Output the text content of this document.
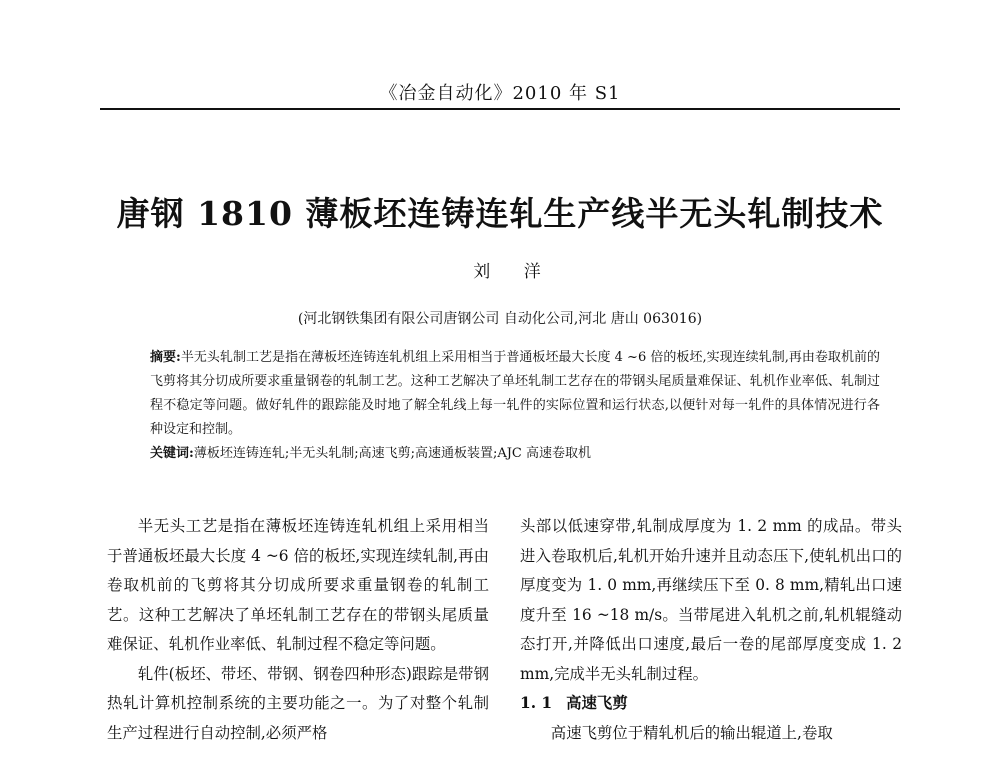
《冶金自动化》2010 年 S1
唐钢 1810 薄板坯连铸连轧生产线半无头轧制技术
刘 洋
(河北钢铁集团有限公司唐钢公司 自动化公司,河北 唐山 063016)
摘要:半无头轧制工艺是指在薄板坯连铸连轧机组上采用相当于普通板坯最大长度 4 ~6 倍的板坯,实现连续轧制,再由卷取机前的飞剪将其分切成所要求重量钢卷的轧制工艺。这种工艺解决了单坯轧制工艺存在的带钢头尾质量难保证、轧机作业率低、轧制过程不稳定等问题。做好轧件的跟踪能及时地了解全轧线上每一轧件的实际位置和运行状态,以便针对每一轧件的具体情况进行各种设定和控制。
关键词:薄板坯连铸连轧;半无头轧制;高速飞剪;高速通板装置;AJC 高速卷取机

半无头工艺是指在薄板坯连铸连轧机组上采用相当于普通板坯最大长度 4 ~6 倍的板坯,实现连续轧制,再由卷取机前的飞剪将其分切成所要求重量钢卷的轧制工艺。这种工艺解决了单坯轧制工艺存在的带钢头尾质量难保证、轧机作业率低、轧制过程不稳定等问题。

轧件(板坯、带坯、带钢、钢卷四种形态)跟踪是带钢热轧计算机控制系统的主要功能之一。为了对整个轧制生产过程进行自动控制,必须严格

头部以低速穿带,轧制成厚度为 1. 2 mm 的成品。带头进入卷取机后,轧机开始升速并且动态压下,使轧机出口的厚度变为 1. 0 mm,再继续压下至 0. 8 mm,精轧出口速度升至 16 ~18 m/s。当带尾进入轧机之前,轧机辊缝动态打开,并降低出口速度,最后一卷的尾部厚度变成 1. 2 mm,完成半无头轧制过程。

1. 1 高速飞剪

高速飞剪位于精轧机后的输出辊道上,卷取
